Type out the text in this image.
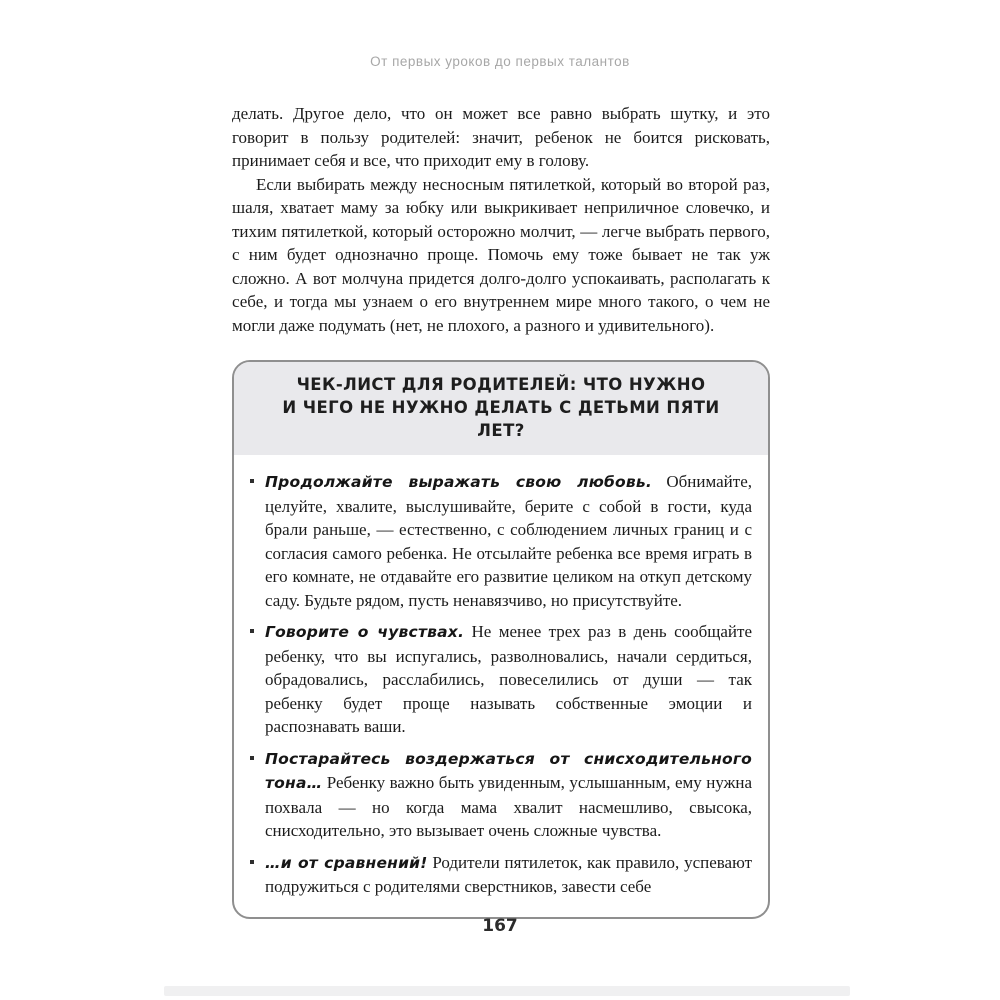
От первых уроков до первых талантов

делать. Другое дело, что он может все равно выбрать шутку, и это говорит в пользу родителей: значит, ребенок не боится рисковать, принимает себя и все, что приходит ему в голову.

Если выбирать между несносным пятилеткой, который во второй раз, шаля, хватает маму за юбку или выкрикивает неприличное словечко, и тихим пятилеткой, который осторожно молчит, — легче выбрать первого, с ним будет однозначно проще. Помочь ему тоже бывает не так уж сложно. А вот молчуна придется долго-долго успокаивать, располагать к себе, и тогда мы узнаем о его внутреннем мире много такого, о чем не могли даже подумать (нет, не плохого, а разного и удивительного).

ЧЕК-ЛИСТ ДЛЯ РОДИТЕЛЕЙ: ЧТО НУЖНО
И ЧЕГО НЕ НУЖНО ДЕЛАТЬ С ДЕТЬМИ ПЯТИ ЛЕТ?

Продолжайте выражать свою любовь. Обнимайте, целуйте, хвалите, выслушивайте, берите с собой в гости, куда брали раньше, — естественно, с соблюдением личных границ и с согласия самого ребенка. Не отсылайте ребенка все время играть в его комнате, не отдавайте его развитие целиком на откуп детскому саду. Будьте рядом, пусть ненавязчиво, но присутствуйте.

Говорите о чувствах. Не менее трех раз в день сообщайте ребенку, что вы испугались, разволновались, начали сердиться, обрадовались, расслабились, повеселились от души — так ребенку будет проще называть собственные эмоции и распознавать ваши.

Постарайтесь воздержаться от снисходительного тона… Ребенку важно быть увиденным, услышанным, ему нужна похвала — но когда мама хвалит насмешливо, свысока, снисходительно, это вызывает очень сложные чувства.

…и от сравнений! Родители пятилеток, как правило, успевают подружиться с родителями сверстников, завести себе

167
